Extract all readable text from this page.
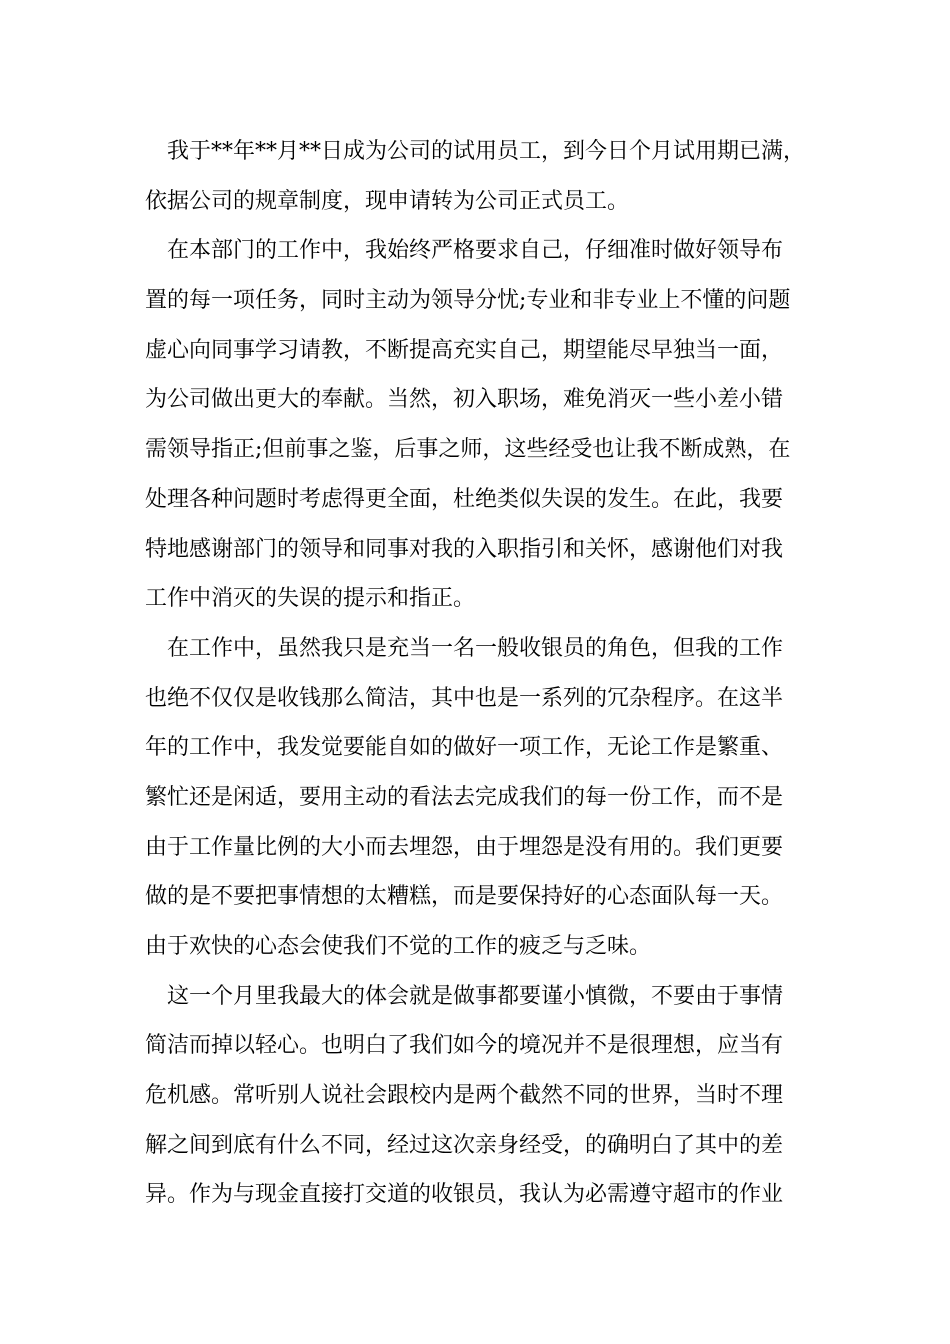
我于**年**月**日成为公司的试用员工，到今日个月试用期已满，
依据公司的规章制度，现申请转为公司正式员工。
在本部门的工作中，我始终严格要求自己，仔细准时做好领导布
置的每一项任务，同时主动为领导分忧;专业和非专业上不懂的问题
虚心向同事学习请教，不断提高充实自己，期望能尽早独当一面，
为公司做出更大的奉献。当然，初入职场，难免消灭一些小差小错
需领导指正;但前事之鉴，后事之师，这些经受也让我不断成熟，在
处理各种问题时考虑得更全面，杜绝类似失误的发生。在此，我要
特地感谢部门的领导和同事对我的入职指引和关怀，感谢他们对我
工作中消灭的失误的提示和指正。
在工作中，虽然我只是充当一名一般收银员的角色，但我的工作
也绝不仅仅是收钱那么简洁，其中也是一系列的冗杂程序。在这半
年的工作中，我发觉要能自如的做好一项工作，无论工作是繁重、
繁忙还是闲适，要用主动的看法去完成我们的每一份工作，而不是
由于工作量比例的大小而去埋怨，由于埋怨是没有用的。我们更要
做的是不要把事情想的太糟糕，而是要保持好的心态面队每一天。
由于欢快的心态会使我们不觉的工作的疲乏与乏味。
这一个月里我最大的体会就是做事都要谨小慎微，不要由于事情
简洁而掉以轻心。也明白了我们如今的境况并不是很理想，应当有
危机感。常听别人说社会跟校内是两个截然不同的世界，当时不理
解之间到底有什么不同，经过这次亲身经受，的确明白了其中的差
异。作为与现金直接打交道的收银员，我认为必需遵守超市的作业
